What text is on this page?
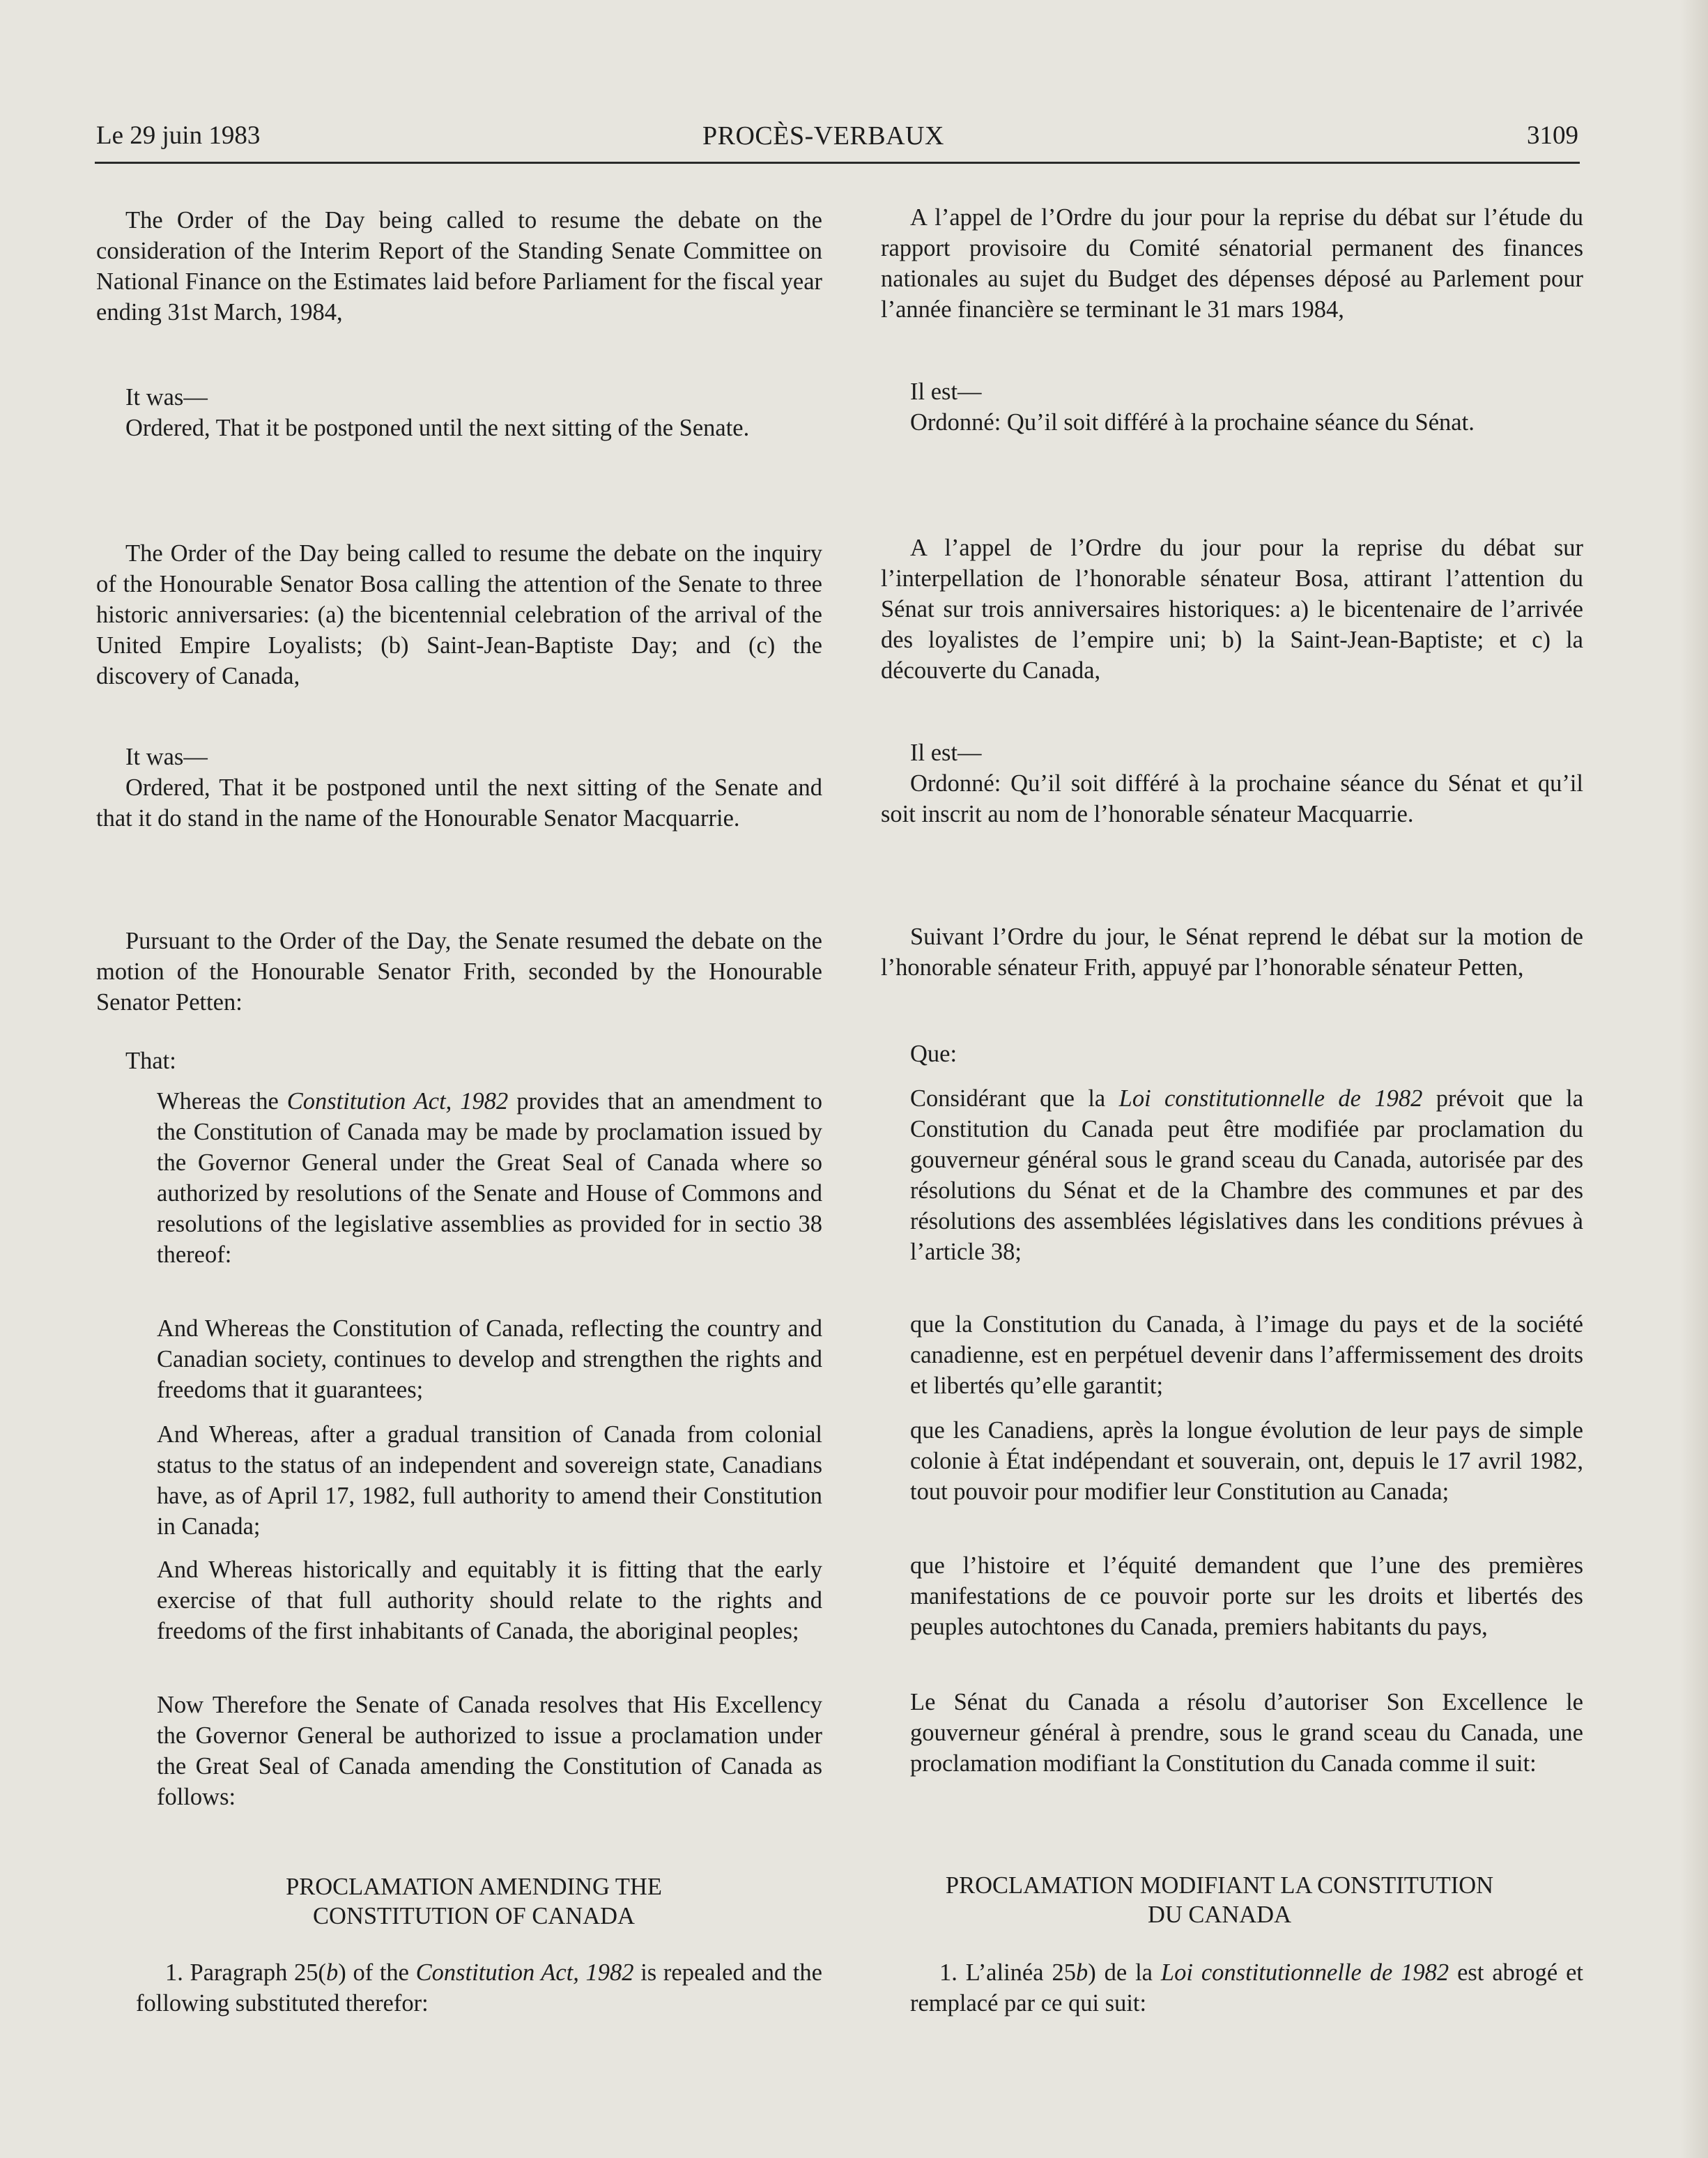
Le 29 juin 1983	PROCÈS-VERBAUX	3109

The Order of the Day being called to resume the debate on the consideration of the Interim Report of the Standing Senate Committee on National Finance on the Estimates laid before Parliament for the fiscal year ending 31st March, 1984,

It was—

Ordered, That it be postponed until the next sitting of the Senate.

The Order of the Day being called to resume the debate on the inquiry of the Honourable Senator Bosa calling the attention of the Senate to three historic anniversaries: (a) the bicentennial celebration of the arrival of the United Empire Loyalists; (b) Saint-Jean-Baptiste Day; and (c) the discovery of Canada,

It was—

Ordered, That it be postponed until the next sitting of the Senate and that it do stand in the name of the Honourable Senator Macquarrie.

Pursuant to the Order of the Day, the Senate resumed the debate on the motion of the Honourable Senator Frith, seconded by the Honourable Senator Petten:

That:

Whereas the Constitution Act, 1982 provides that an amendment to the Constitution of Canada may be made by proclamation issued by the Governor General under the Great Seal of Canada where so authorized by resolutions of the Senate and House of Commons and resolutions of the legislative assemblies as provided for in sectio 38 thereof:

And Whereas the Constitution of Canada, reflecting the country and Canadian society, continues to develop and strengthen the rights and freedoms that it guarantees;

And Whereas, after a gradual transition of Canada from colonial status to the status of an independent and sovereign state, Canadians have, as of April 17, 1982, full authority to amend their Constitution in Canada;

And Whereas historically and equitably it is fitting that the early exercise of that full authority should relate to the rights and freedoms of the first inhabitants of Canada, the aboriginal peoples;

Now Therefore the Senate of Canada resolves that His Excellency the Governor General be authorized to issue a proclamation under the Great Seal of Canada amending the Constitution of Canada as follows:

PROCLAMATION AMENDING THE

CONSTITUTION OF CANADA

1. Paragraph 25(b) of the Constitution Act, 1982 is repealed and the following substituted therefor:

A l’appel de l’Ordre du jour pour la reprise du débat sur l’étude du rapport provisoire du Comité sénatorial permanent des finances nationales au sujet du Budget des dépenses déposé au Parlement pour l’année financière se terminant le 31 mars 1984,

Il est—

Ordonné: Qu’il soit différé à la prochaine séance du Sénat.

A l’appel de l’Ordre du jour pour la reprise du débat sur l’interpellation de l’honorable sénateur Bosa, attirant l’attention du Sénat sur trois anniversaires historiques: a) le bicentenaire de l’arrivée des loyalistes de l’empire uni; b) la Saint-Jean-Baptiste; et c) la découverte du Canada,

Il est—

Ordonné: Qu’il soit différé à la prochaine séance du Sénat et qu’il soit inscrit au nom de l’honorable sénateur Macquarrie.

Suivant l’Ordre du jour, le Sénat reprend le débat sur la motion de l’honorable sénateur Frith, appuyé par l’honorable sénateur Petten,

Que:

Considérant que la Loi constitutionnelle de 1982 prévoit que la Constitution du Canada peut être modifiée par proclamation du gouverneur général sous le grand sceau du Canada, autorisée par des résolutions du Sénat et de la Chambre des communes et par des résolutions des assemblées législatives dans les conditions prévues à l’article 38;

que la Constitution du Canada, à l’image du pays et de la société canadienne, est en perpétuel devenir dans l’affermissement des droits et libertés qu’elle garantit;

que les Canadiens, après la longue évolution de leur pays de simple colonie à État indépendant et souverain, ont, depuis le 17 avril 1982, tout pouvoir pour modifier leur Constitution au Canada;

que l’histoire et l’équité demandent que l’une des premières manifestations de ce pouvoir porte sur les droits et libertés des peuples autochtones du Canada, premiers habitants du pays,

Le Sénat du Canada a résolu d’autoriser Son Excellence le gouverneur général à prendre, sous le grand sceau du Canada, une proclamation modifiant la Constitution du Canada comme il suit:

PROCLAMATION MODIFIANT LA CONSTITUTION

DU CANADA

1. L’alinéa 25b) de la Loi constitutionnelle de 1982 est abrogé et remplacé par ce qui suit:
